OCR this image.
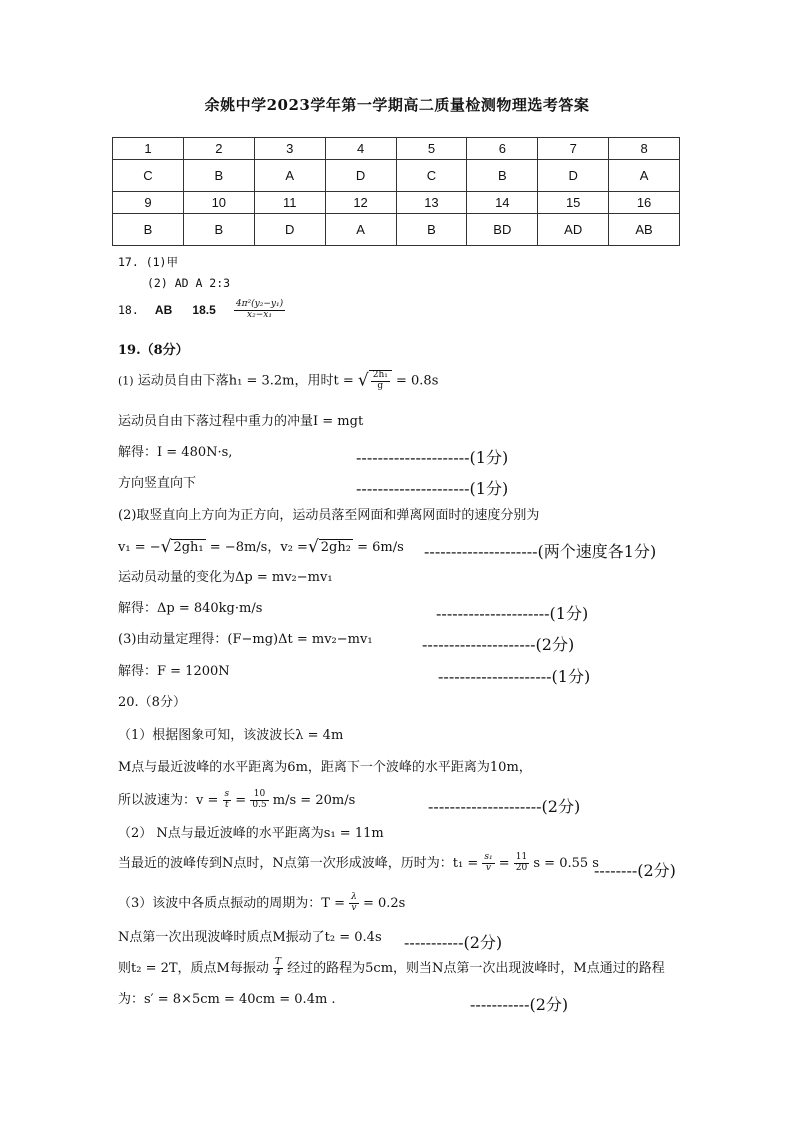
余姚中学2023学年第一学期高二质量检测物理选考答案
1	2	3	4	5	6	7	8
C	B	A	D	C	B	D	A
9	10	11	12	13	14	15	16
B	B	D	A	B	BD	AD	AB
17. (1)甲
(2) AD A 2:3
18. AB $18.5 \frac{\text{4π²(y₂−y₁)}}{\text{x₂−x₁}}$
19.（8分）
(1) 运动员自由下落h₁ = 3.2m，用时t = √ $\frac{\text{2h₁}}{g} = 0.8s$
运动员自由下落过程中重力的冲量I = mgt
解得：I = 480N·s,	---------------------(1分)
方向竖直向下	---------------------(1分)
(2)取竖直向上方向为正方向，运动员落至网面和弹离网面时的速度分别为
v₁ = −√ 2gh₁ = −8m/s，v₂ =√ 2gh₂ = 6m/s ---------------------(两个速度各1分)
运动员动量的变化为Δp = mv₂−mv₁
解得：Δp = 840kg·m/s	---------------------(1分)
(3)由动量定理得：(F−mg)Δt = mv₂−mv₁	---------------------(2分)
解得：F = 1200N	---------------------(1分)
20.（8分）
（1）根据图象可知，该波波长λ = 4m
M点与最近波峰的水平距离为6m，距离下一个波峰的水平距离为10m，
所以波速为：$v = \frac{s}{t} = \frac{10}{0.5} m/s = 20m/s$	---------------------(2分)
（2） N点与最近波峰的水平距离为s₁ = 11m
当最近的波峰传到N点时，N点第一次形成波峰，历时为：$t_1 = \frac{\text{s₁}}{v} = \frac{11}{20}$ s = 0.55 s
--------(2分)
（3）该波中各质点振动的周期为：$T = \frac{\lambda}{v} = 0.2s$
N点第一次出现波峰时质点M振动了t₂ = 0.4s -----------(2分)
则t₂ = 2T，质点M每振动 $\frac{T}{4}$ 经过的路程为5cm，则当N点第一次出现波峰时，M点通过的路程
为：s′ = 8×5cm = 40cm = 0.4m .	-----------(2分)
